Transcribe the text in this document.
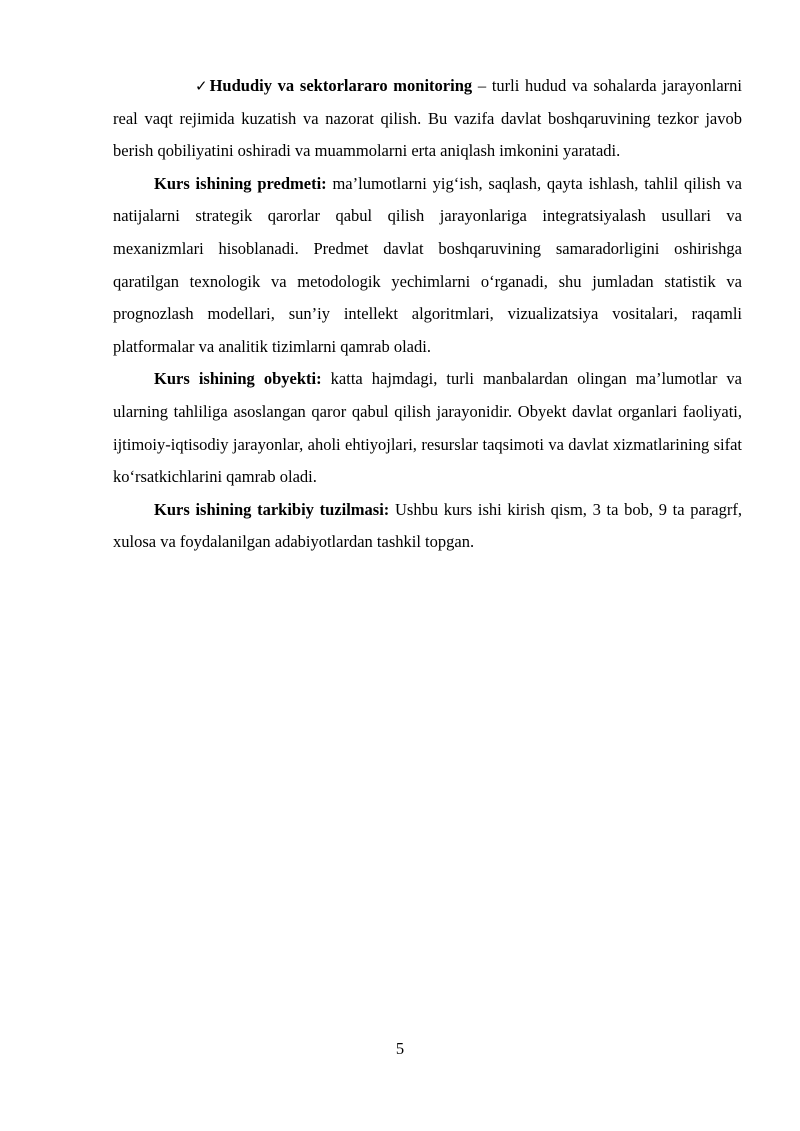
✓ Hududiy va sektorlararo monitoring – turli hudud va sohalarda jarayonlarni real vaqt rejimida kuzatish va nazorat qilish. Bu vazifa davlat boshqaruvining tezkor javob berish qobiliyatini oshiradi va muammolarni erta aniqlash imkonini yaratadi.

Kurs ishining predmeti: ma’lumotlarni yig‘ish, saqlash, qayta ishlash, tahlil qilish va natijalarni strategik qarorlar qabul qilish jarayonlariga integratsiyalash usullari va mexanizmlari hisoblanadi. Predmet davlat boshqaruvining samaradorligini oshirishga qaratilgan texnologik va metodologik yechimlarni o‘rganadi, shu jumladan statistik va prognozlash modellari, sun’iy intellekt algoritmlari, vizualizatsiya vositalari, raqamli platformalar va analitik tizimlarni qamrab oladi.

Kurs ishining obyekti: katta hajmdagi, turli manbalardan olingan ma’lumotlar va ularning tahliliga asoslangan qaror qabul qilish jarayonidir. Obyekt davlat organlari faoliyati, ijtimoiy-iqtisodiy jarayonlar, aholi ehtiyojlari, resurslar taqsimoti va davlat xizmatlarining sifat ko‘rsatkichlarini qamrab oladi.

Kurs ishining tarkibiy tuzilmasi: Ushbu kurs ishi kirish qism, 3 ta bob, 9 ta paragrf, xulosa va foydalanilgan adabiyotlardan tashkil topgan.

5
